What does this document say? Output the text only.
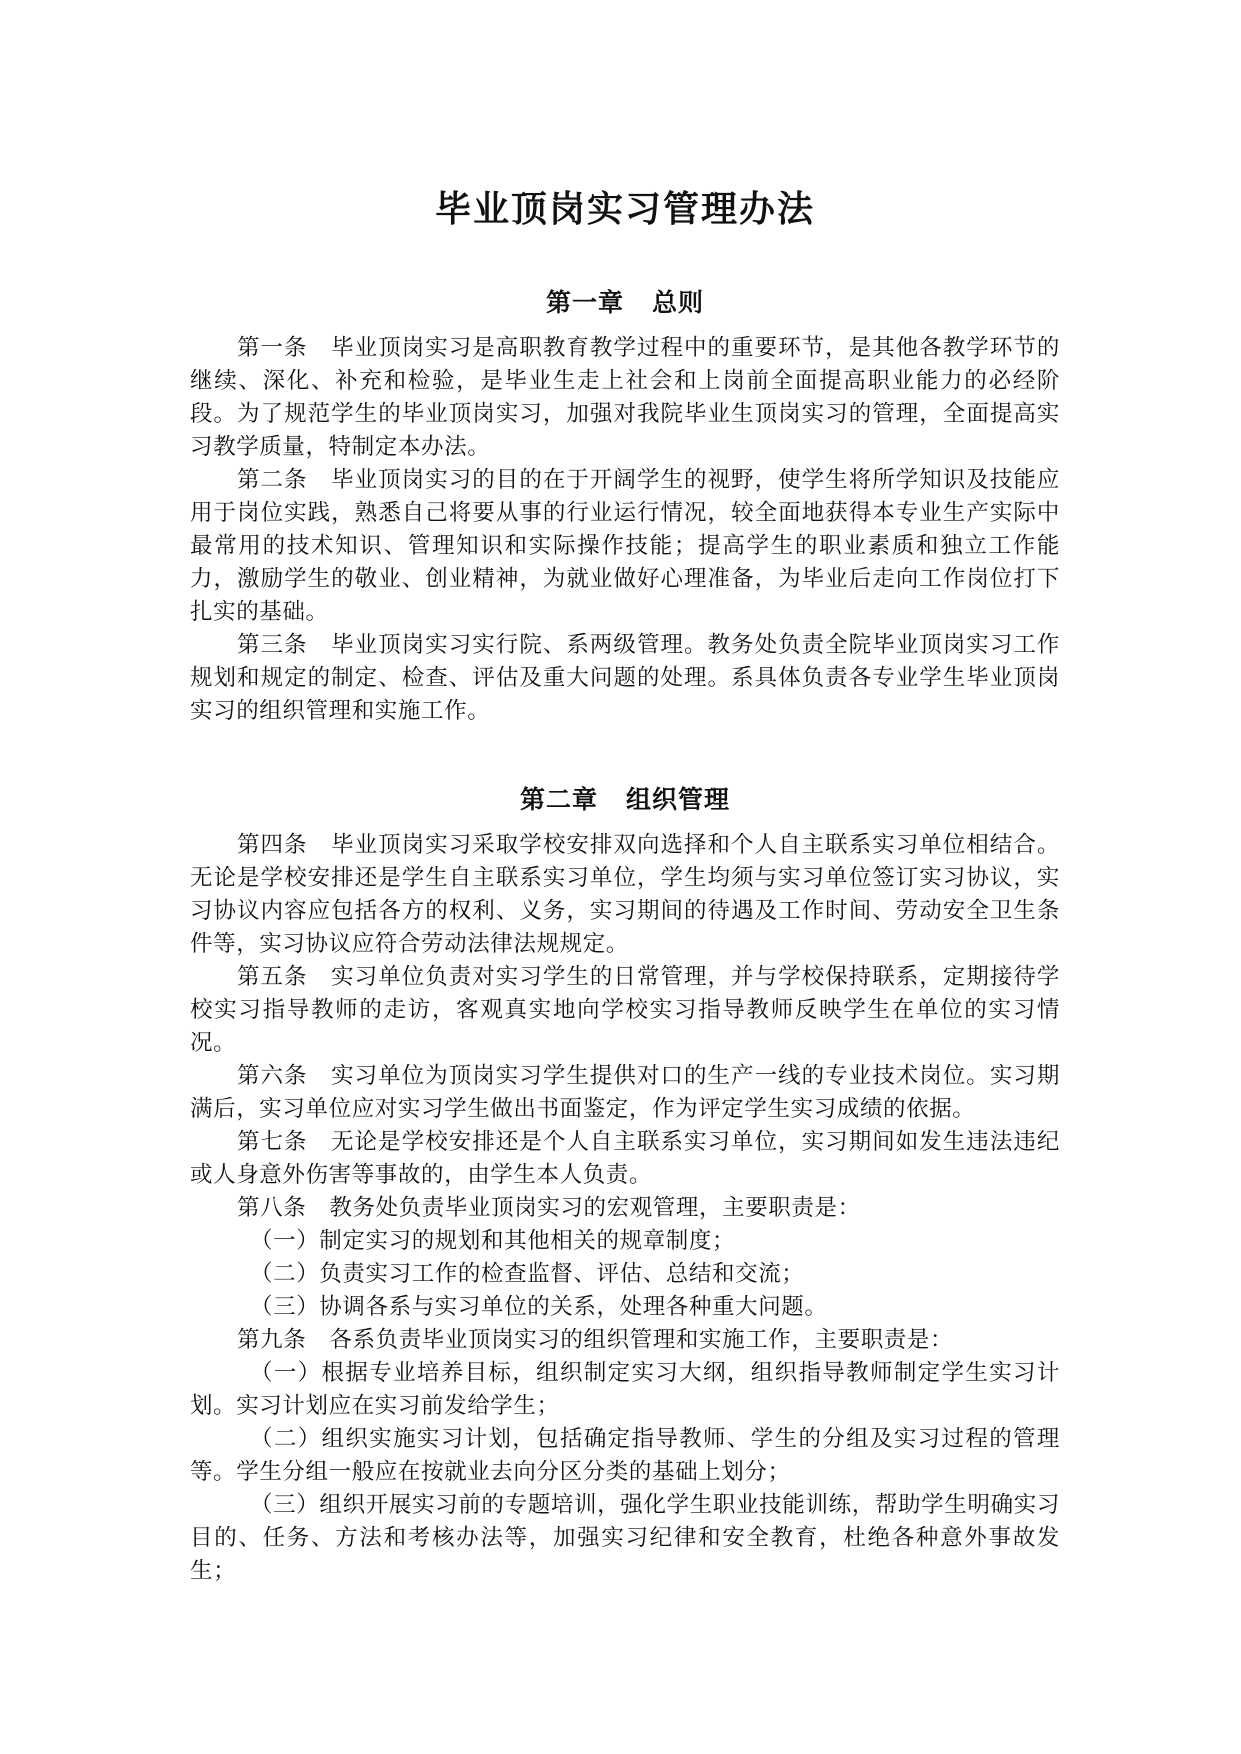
毕业顶岗实习管理办法
第一章 总则

第一条　毕业顶岗实习是高职教育教学过程中的重要环节，是其他各教学环节的继续、深化、补充和检验，是毕业生走上社会和上岗前全面提高职业能力的必经阶段。为了规范学生的毕业顶岗实习，加强对我院毕业生顶岗实习的管理，全面提高实习教学质量，特制定本办法。

第二条　毕业顶岗实习的目的在于开阔学生的视野，使学生将所学知识及技能应用于岗位实践，熟悉自己将要从事的行业运行情况，较全面地获得本专业生产实际中最常用的技术知识、管理知识和实际操作技能；提高学生的职业素质和独立工作能力，激励学生的敬业、创业精神，为就业做好心理准备，为毕业后走向工作岗位打下扎实的基础。

第三条　毕业顶岗实习实行院、系两级管理。教务处负责全院毕业顶岗实习工作规划和规定的制定、检查、评估及重大问题的处理。系具体负责各专业学生毕业顶岗实习的组织管理和实施工作。

第二章 组织管理

第四条　毕业顶岗实习采取学校安排双向选择和个人自主联系实习单位相结合。无论是学校安排还是学生自主联系实习单位，学生均须与实习单位签订实习协议，实习协议内容应包括各方的权利、义务，实习期间的待遇及工作时间、劳动安全卫生条件等，实习协议应符合劳动法律法规规定。

第五条　实习单位负责对实习学生的日常管理，并与学校保持联系，定期接待学校实习指导教师的走访，客观真实地向学校实习指导教师反映学生在单位的实习情况。

第六条　实习单位为顶岗实习学生提供对口的生产一线的专业技术岗位。实习期满后，实习单位应对实习学生做出书面鉴定，作为评定学生实习成绩的依据。

第七条　无论是学校安排还是个人自主联系实习单位，实习期间如发生违法违纪或人身意外伤害等事故的，由学生本人负责。

第八条　教务处负责毕业顶岗实习的宏观管理，主要职责是：

（一）制定实习的规划和其他相关的规章制度；

（二）负责实习工作的检查监督、评估、总结和交流；

（三）协调各系与实习单位的关系，处理各种重大问题。

第九条　各系负责毕业顶岗实习的组织管理和实施工作，主要职责是：

（一）根据专业培养目标，组织制定实习大纲，组织指导教师制定学生实习计划。实习计划应在实习前发给学生；

（二）组织实施实习计划，包括确定指导教师、学生的分组及实习过程的管理等。学生分组一般应在按就业去向分区分类的基础上划分；

（三）组织开展实习前的专题培训，强化学生职业技能训练，帮助学生明确实习目的、任务、方法和考核办法等，加强实习纪律和安全教育，杜绝各种意外事故发生；
